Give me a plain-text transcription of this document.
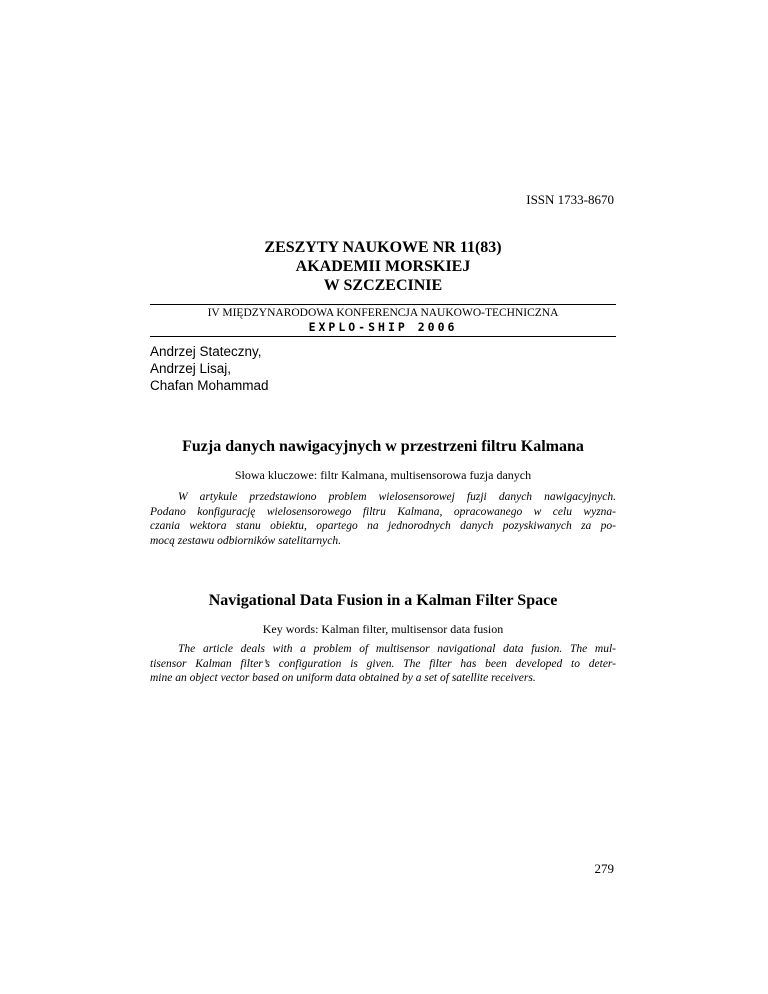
ISSN 1733-8670
ZESZYTY NAUKOWE NR 11(83)
AKADEMII MORSKIEJ
W SZCZECINIE
IV MIĘDZYNARODOWA KONFERENCJA NAUKOWO-TECHNICZNA
EXPLO-SHIP 2006
Andrzej Stateczny,
Andrzej Lisaj,
Chafan Mohammad
Fuzja danych nawigacyjnych w przestrzeni filtru Kalmana
Słowa kluczowe: filtr Kalmana, multisensorowa fuzja danych
W artykule przedstawiono problem wielosensorowej fuzji danych nawigacyjnych.
Podano konfigurację wielosensorowego filtru Kalmana, opracowanego w celu wyzna-
czania wektora stanu obiektu, opartego na jednorodnych danych pozyskiwanych za po-
mocą zestawu odbiorników satelitarnych.
Navigational Data Fusion in a Kalman Filter Space
Key words: Kalman filter, multisensor data fusion
The article deals with a problem of multisensor navigational data fusion. The mul-
tisensor Kalman filter’s configuration is given. The filter has been developed to deter-
mine an object vector based on uniform data obtained by a set of satellite receivers.
279
